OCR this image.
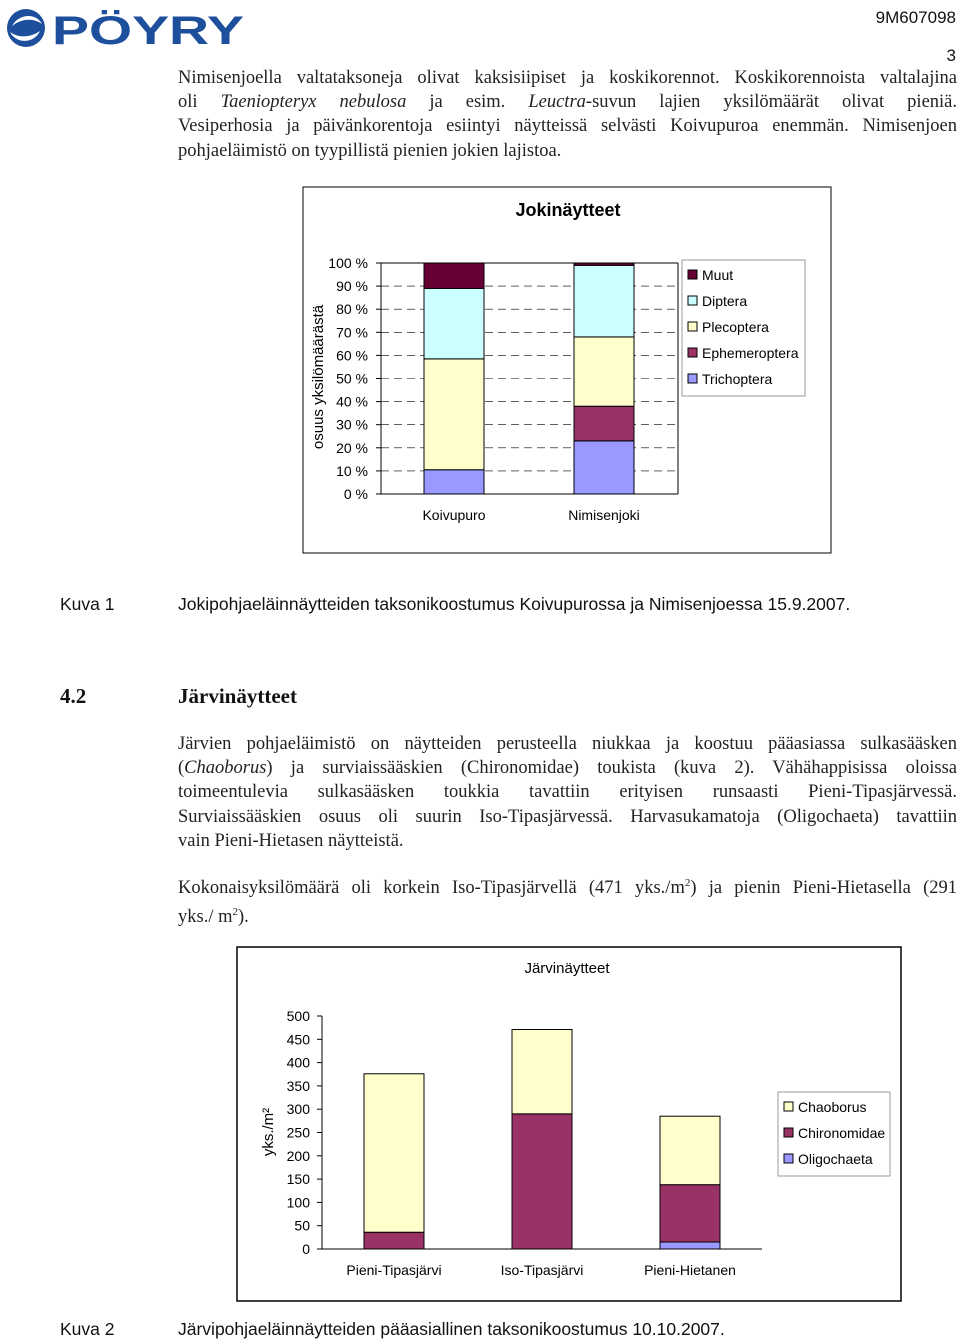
PÖYRY	9M607098
3
Nimisenjoella valtataksoneja olivat kaksisiipiset ja koskikorennot. Koskikorennoista valtalajina
oli Taeniopteryx nebulosa ja esim. Leuctra-suvun lajien yksilömäärät olivat pieniä.
Vesiperhosia ja päivänkorentoja esiintyi näytteissä selvästi Koivupuroa enemmän. Nimisenjoen
pohjaeläimistö on tyypillistä pienien jokien lajistoa.
Jokinäytteet
osuus yksilömäärästä
0 %
10 %
20 %
30 %
40 %
50 %
60 %
70 %
80 %
90 %
100 %
Koivupuro	Nimisenjoki
Muut
Diptera
Plecoptera
Ephemeroptera
Trichoptera
Kuva 1	Jokipohjaeläinnäytteiden taksonikoostumus Koivupurossa ja Nimisenjoessa 15.9.2007.
4.2	Järvinäytteet
Järvien pohjaeläimistö on näytteiden perusteella niukkaa ja koostuu pääasiassa sulkasääsken
(Chaoborus) ja surviaissääskien (Chironomidae) toukista (kuva 2). Vähähappisissa oloissa
toimeentulevia sulkasääsken toukkia tavattiin erityisen runsaasti Pieni-Tipasjärvessä.
Surviaissääskien osuus oli suurin Iso-Tipasjärvessä. Harvasukamatoja (Oligochaeta) tavattiin
vain Pieni-Hietasen näytteistä.
Kokonaisyksilömäärä oli korkein Iso-Tipasjärvellä (471 $yks./m^2$) ja pienin Pieni-Hietasella (291
yks./ $m^2$).
Järvinäytteet
yks./m²
0
50
100
150
200
250
300
350
400
450
500
Pieni-Tipasjärvi	Iso-Tipasjärvi	Pieni-Hietanen
Chaoborus
Chironomidae
Oligochaeta
Kuva 2	Järvipohjaeläinnäytteiden pääasiallinen taksonikoostumus 10.10.2007.
